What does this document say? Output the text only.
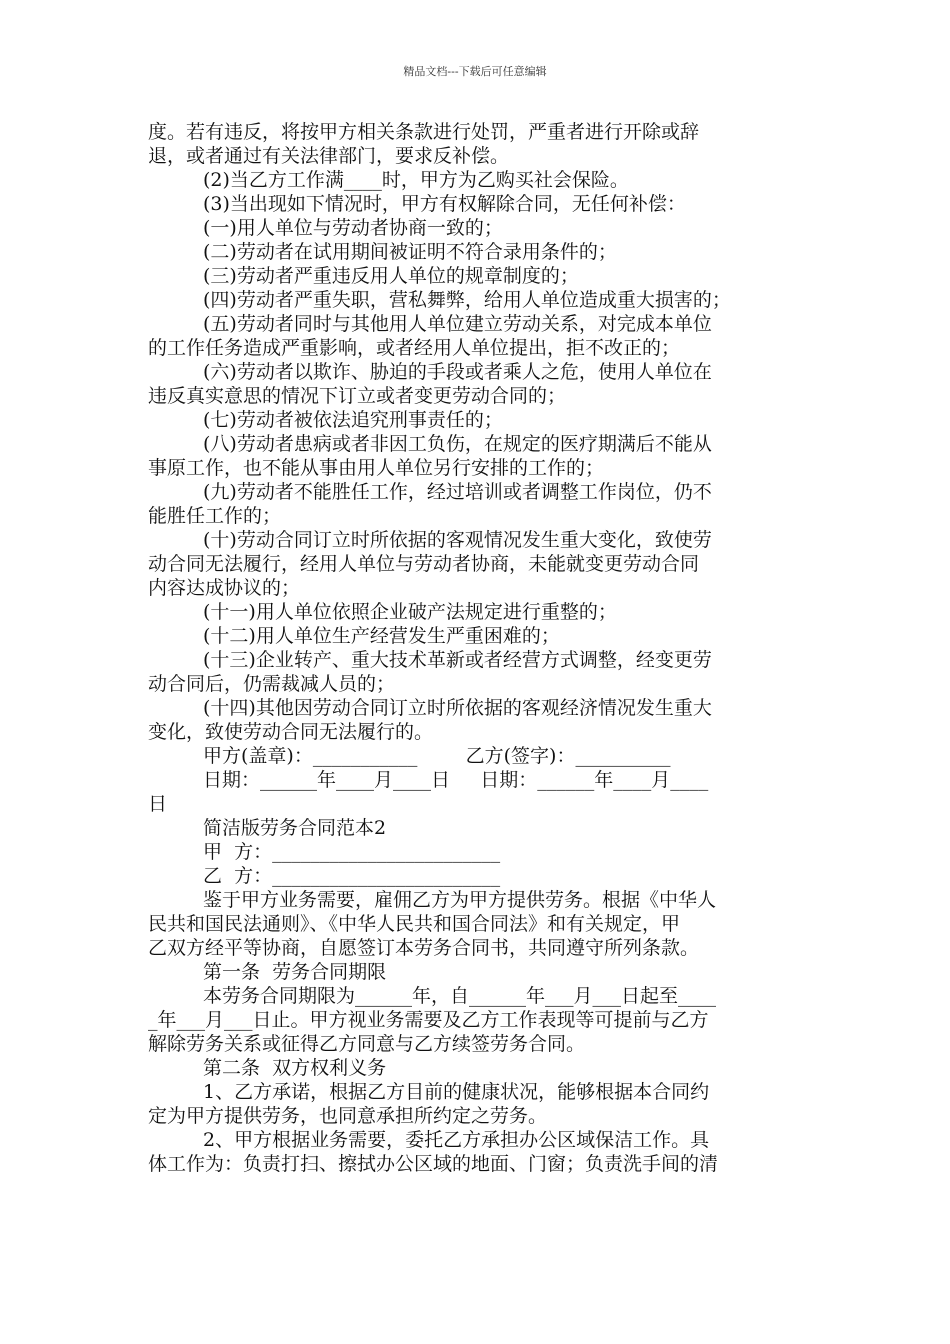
精品文档---下载后可任意编辑
度。若有违反，将按甲方相关条款进行处罚，严重者进行开除或辞
退，或者通过有关法律部门，要求反补偿。
(2)当乙方工作满____时，甲方为乙购买社会保险。
(3)当出现如下情况时，甲方有权解除合同，无任何补偿：
(一)用人单位与劳动者协商一致的；
(二)劳动者在试用期间被证明不符合录用条件的；
(三)劳动者严重违反用人单位的规章制度的；
(四)劳动者严重失职，营私舞弊，给用人单位造成重大损害的；
(五)劳动者同时与其他用人单位建立劳动关系，对完成本单位
的工作任务造成严重影响，或者经用人单位提出，拒不改正的；
(六)劳动者以欺诈、胁迫的手段或者乘人之危，使用人单位在
违反真实意思的情况下订立或者变更劳动合同的；
(七)劳动者被依法追究刑事责任的；
(八)劳动者患病或者非因工负伤，在规定的医疗期满后不能从
事原工作，也不能从事由用人单位另行安排的工作的；
(九)劳动者不能胜任工作，经过培训或者调整工作岗位，仍不
能胜任工作的；
(十)劳动合同订立时所依据的客观情况发生重大变化，致使劳
动合同无法履行，经用人单位与劳动者协商，未能就变更劳动合同
内容达成协议的；
(十一)用人单位依照企业破产法规定进行重整的；
(十二)用人单位生产经营发生严重困难的；
(十三)企业转产、重大技术革新或者经营方式调整，经变更劳
动合同后，仍需裁减人员的；
(十四)其他因劳动合同订立时所依据的客观经济情况发生重大
变化，致使劳动合同无法履行的。
甲方(盖章)：___________        乙方(签字)：__________
日期：______年____月____日     日期：______年____月____
日
简洁版劳务合同范本2
甲  方：________________________
乙  方：________________________
鉴于甲方业务需要，雇佣乙方为甲方提供劳务。根据《中华人
民共和国民法通则》、《中华人民共和国合同法》和有关规定，甲
乙双方经平等协商，自愿签订本劳务合同书，共同遵守所列条款。
第一条  劳务合同期限
本劳务合同期限为______年，自______年___月___日起至____
_年___月___日止。甲方视业务需要及乙方工作表现等可提前与乙方
解除劳务关系或征得乙方同意与乙方续签劳务合同。
第二条  双方权利义务
1、乙方承诺，根据乙方目前的健康状况，能够根据本合同约
定为甲方提供劳务，也同意承担所约定之劳务。
2、甲方根据业务需要，委托乙方承担办公区域保洁工作。具
体工作为：负责打扫、擦拭办公区域的地面、门窗；负责洗手间的清
